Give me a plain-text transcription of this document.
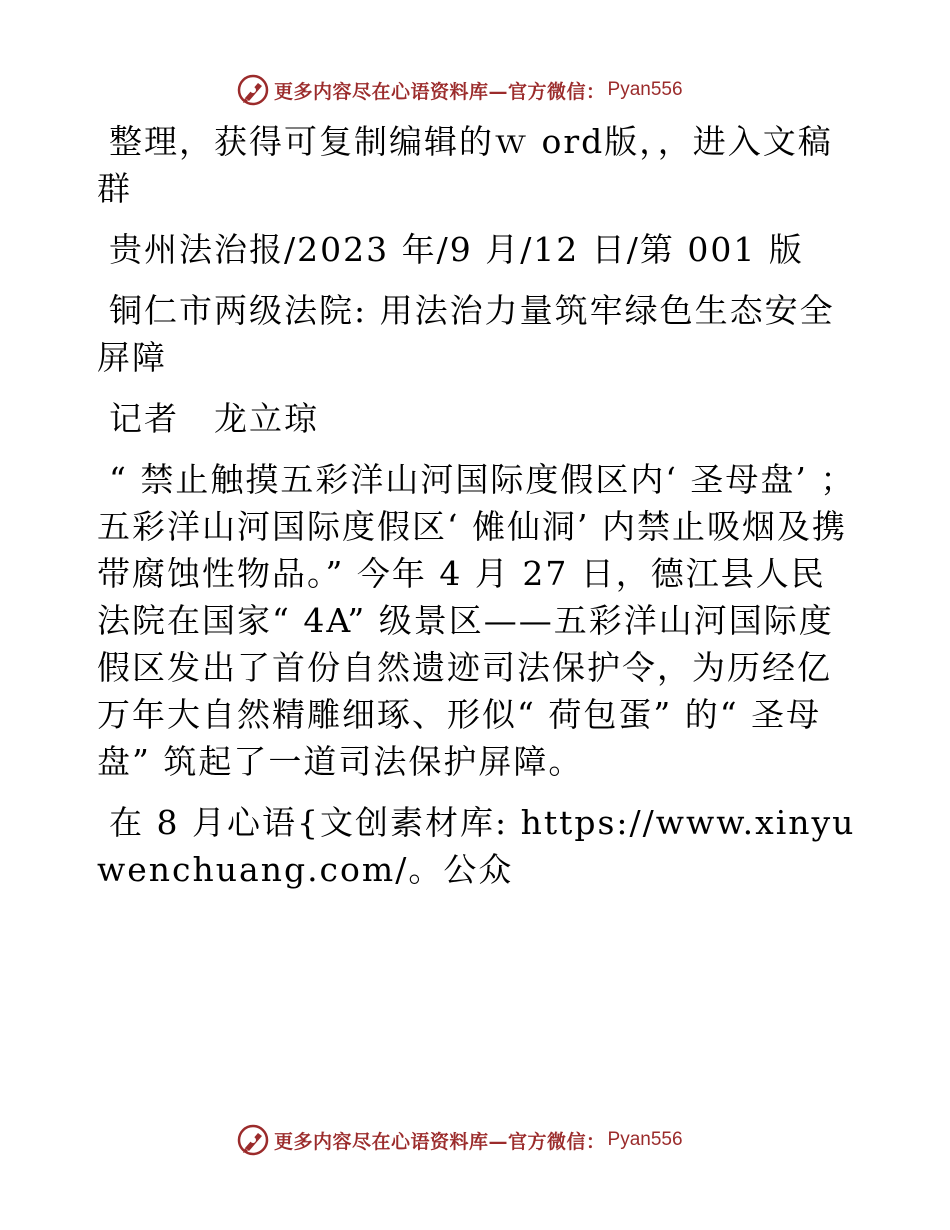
更多内容尽在心语资料库—官方微信： Pyan556

整理，获得可复制编辑的ｗ ord版，，进入文稿群

贵州法治报/2023 年/9 月/12 日/第 001 版

铜仁市两级法院: 用法治力量筑牢绿色生态安全屏障

记者　龙立琼

“ 禁止触摸五彩洋山河国际度假区内‘ 圣母盘’ ；五彩洋山河国际度假区‘ 傩仙洞’ 内禁止吸烟及携带腐蚀性物品。” 今年 4 月 27 日，德江县人民法院在国家“ 4A” 级景区——五彩洋山河国际度假区发出了首份自然遗迹司法保护令，为历经亿万年大自然精雕细琢、形似“ 荷包蛋” 的“ 圣母盘” 筑起了一道司法保护屏障。

在 8 月心语{文创素材库: https://www.xinyuwenchuang.com/。公众

更多内容尽在心语资料库—官方微信： Pyan556
